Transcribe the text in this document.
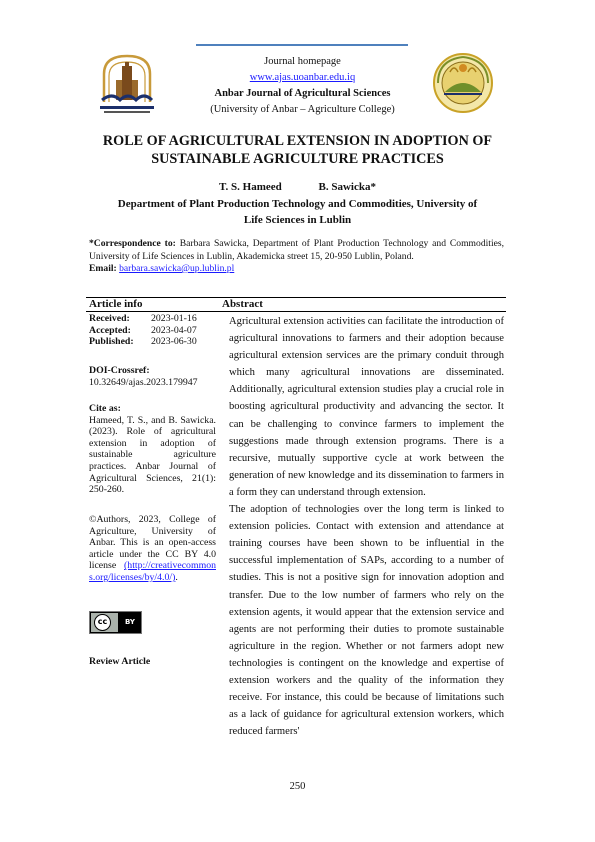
Journal homepage
www.ajas.uoanbar.edu.iq
Anbar Journal of Agricultural Sciences
(University of Anbar – Agriculture College)
ROLE OF AGRICULTURAL EXTENSION IN ADOPTION OF
SUSTAINABLE AGRICULTURE PRACTICES
T. S. Hameed	B. Sawicka*
Department of Plant Production Technology and Commodities, University of
Life Sciences in Lublin
*Correspondence to: Barbara Sawicka, Department of Plant Production Technology and Commodities, University of Life Sciences in Lublin, Akademicka street 15, 20-950 Lublin, Poland.
Email: barbara.sawicka@up.lublin.pl
Article info	Abstract
Received:	2023-01-16
Accepted:	2023-04-07
Published:	2023-06-30
DOI-Crossref:
10.32649/ajas.2023.179947
Cite as:
Hameed, T. S., and B. Sawicka. (2023). Role of agricultural extension in adoption of sustainable agriculture practices. Anbar Journal of Agricultural Sciences, 21(1): 250-260.
©Authors, 2023, College of Agriculture, University of Anbar. This is an open-access article under the CC BY 4.0 license (http://creativecommons.org/licenses/by/4.0/).
cc	BY
Review Article

Agricultural extension activities can facilitate the introduction of agricultural innovations to farmers and their adoption because agricultural extension services are the primary conduit through which many agricultural innovations are disseminated. Additionally, agricultural extension studies play a crucial role in boosting agricultural productivity and advancing the sector. It can be challenging to convince farmers to implement the suggestions made through extension programs. There is a recursive, mutually supportive cycle at work between the generation of new knowledge and its dissemination to farmers in a form they can understand through extension.

The adoption of technologies over the long term is linked to extension policies. Contact with extension and attendance at training courses have been shown to be influential in the successful implementation of SAPs, according to a number of studies. This is not a positive sign for innovation adoption and transfer. Due to the low number of farmers who rely on the extension agents, it would appear that the extension service and agents are not performing their duties to promote sustainable agriculture in the region. Whether or not farmers adopt new technologies is contingent on the knowledge and expertise of extension workers and the quality of the information they receive. For instance, this could be because of limitations such as a lack of guidance for agricultural extension workers, which reduced farmers'

250
